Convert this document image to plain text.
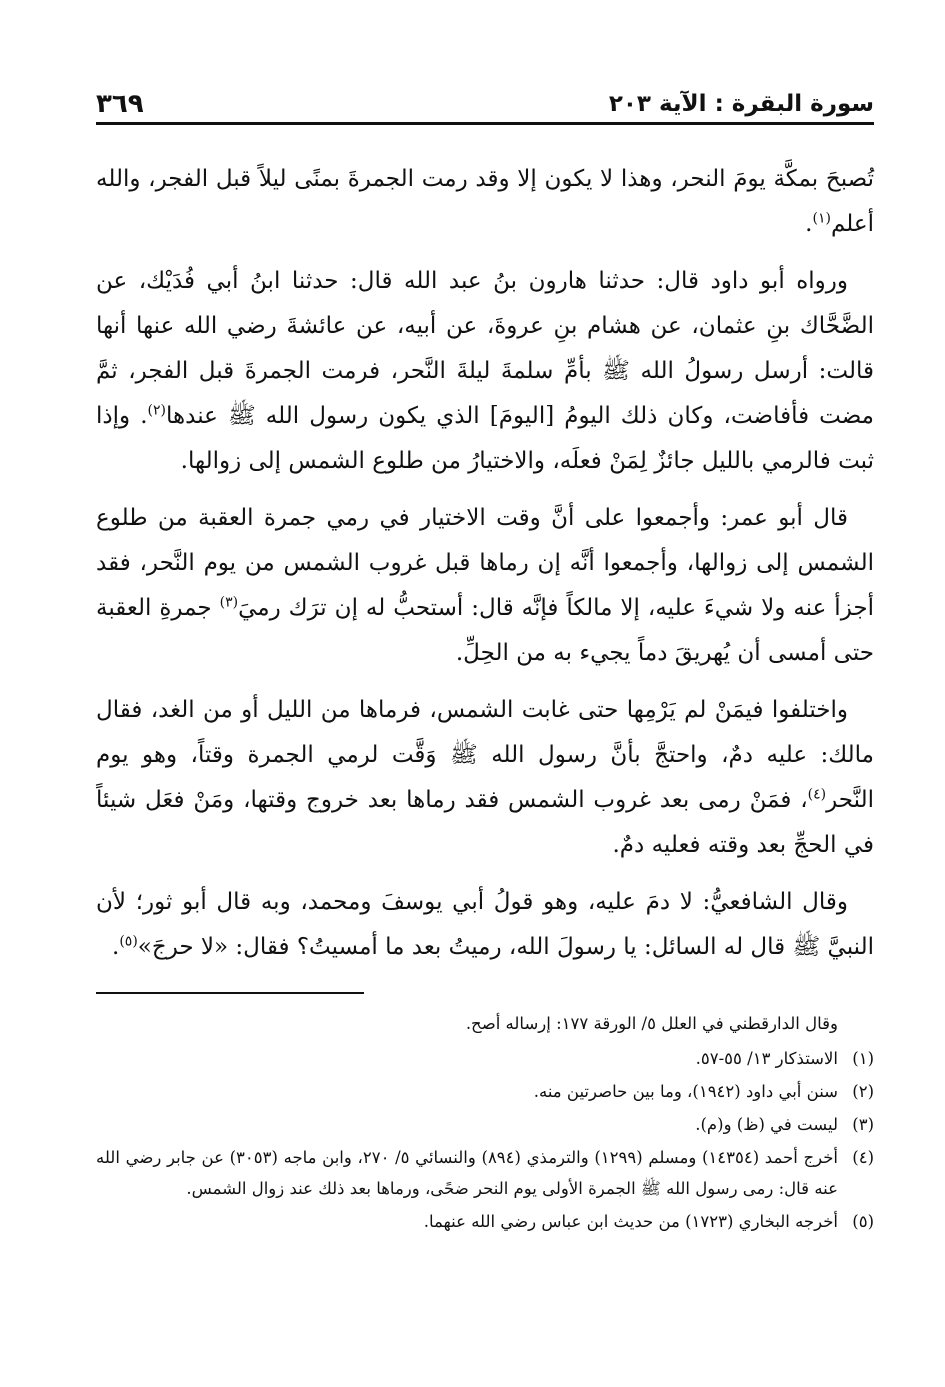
سورة البقرة : الآية ٢٠٣
٣٦٩

تُصبحَ بمكَّة يومَ النحر، وهذا لا يكون إلا وقد رمت الجمرةَ بمنًى ليلاً قبل الفجر، والله أعلم$^{(١)}$.

ورواه أبو داود قال: حدثنا هارون بنُ عبد الله قال: حدثنا ابنُ أبي فُدَيْك، عن الضَّحَّاك بنِ عثمان، عن هشام بنِ عروةَ، عن أبيه، عن عائشةَ رضي الله عنها أنها قالت: أرسل رسولُ الله ﷺ بأمِّ سلمةَ ليلةَ النَّحر، فرمت الجمرةَ قبل الفجر، ثمَّ مضت فأفاضت، وكان ذلك اليومُ [اليومَ] الذي يكون رسول الله ﷺ عندها$^{(٢)}$. وإذا ثبت فالرمي بالليل جائزٌ لِمَنْ فعلَه، والاختيارُ من طلوع الشمس إلى زوالها.

قال أبو عمر: وأجمعوا على أنَّ وقت الاختيار في رمي جمرة العقبة من طلوع الشمس إلى زوالها، وأجمعوا أنَّه إن رماها قبل غروب الشمس من يوم النَّحر، فقد أجزأ عنه ولا شيءَ عليه، إلا مالكاً فإنَّه قال: أستحبُّ له إن ترَك رميَ$^{(٣)}$ جمرةِ العقبة حتى أمسى أن يُهريقَ دماً يجيء به من الحِلِّ.

واختلفوا فيمَنْ لم يَرْمِها حتى غابت الشمس، فرماها من الليل أو من الغد، فقال مالك: عليه دمٌ، واحتجَّ بأنَّ رسول الله ﷺ وَقَّت لرمي الجمرة وقتاً، وهو يوم النَّحر$^{(٤)}$، فمَنْ رمى بعد غروب الشمس فقد رماها بعد خروج وقتها، ومَنْ فعَل شيئاً في الحجِّ بعد وقته فعليه دمٌ.

وقال الشافعيُّ: لا دمَ عليه، وهو قولُ أبي يوسفَ ومحمد، وبه قال أبو ثور؛ لأن النبيَّ ﷺ قال له السائل: يا رسولَ الله، رميتُ بعد ما أمسيتُ؟ فقال: «لا حرجَ»$^{(٥)}$.

وقال الدارقطني في العلل ٥/ الورقة ١٧٧: إرساله أصح.

(١)
الاستذكار ١٣/ ٥٥-٥٧.
(٢)
سنن أبي داود (١٩٤٢)، وما بين حاصرتين منه.
(٣)
ليست في (ظ) و(م).
(٤)
أخرج أحمد (١٤٣٥٤) ومسلم (١٢٩٩) والترمذي (٨٩٤) والنسائي ٥/ ٢٧٠، وابن ماجه (٣٠٥٣) عن جابر رضي الله عنه قال: رمى رسول الله ﷺ الجمرة الأولى يوم النحر ضحًى، ورماها بعد ذلك عند زوال الشمس.
(٥)
أخرجه البخاري (١٧٢٣) من حديث ابن عباس رضي الله عنهما.
